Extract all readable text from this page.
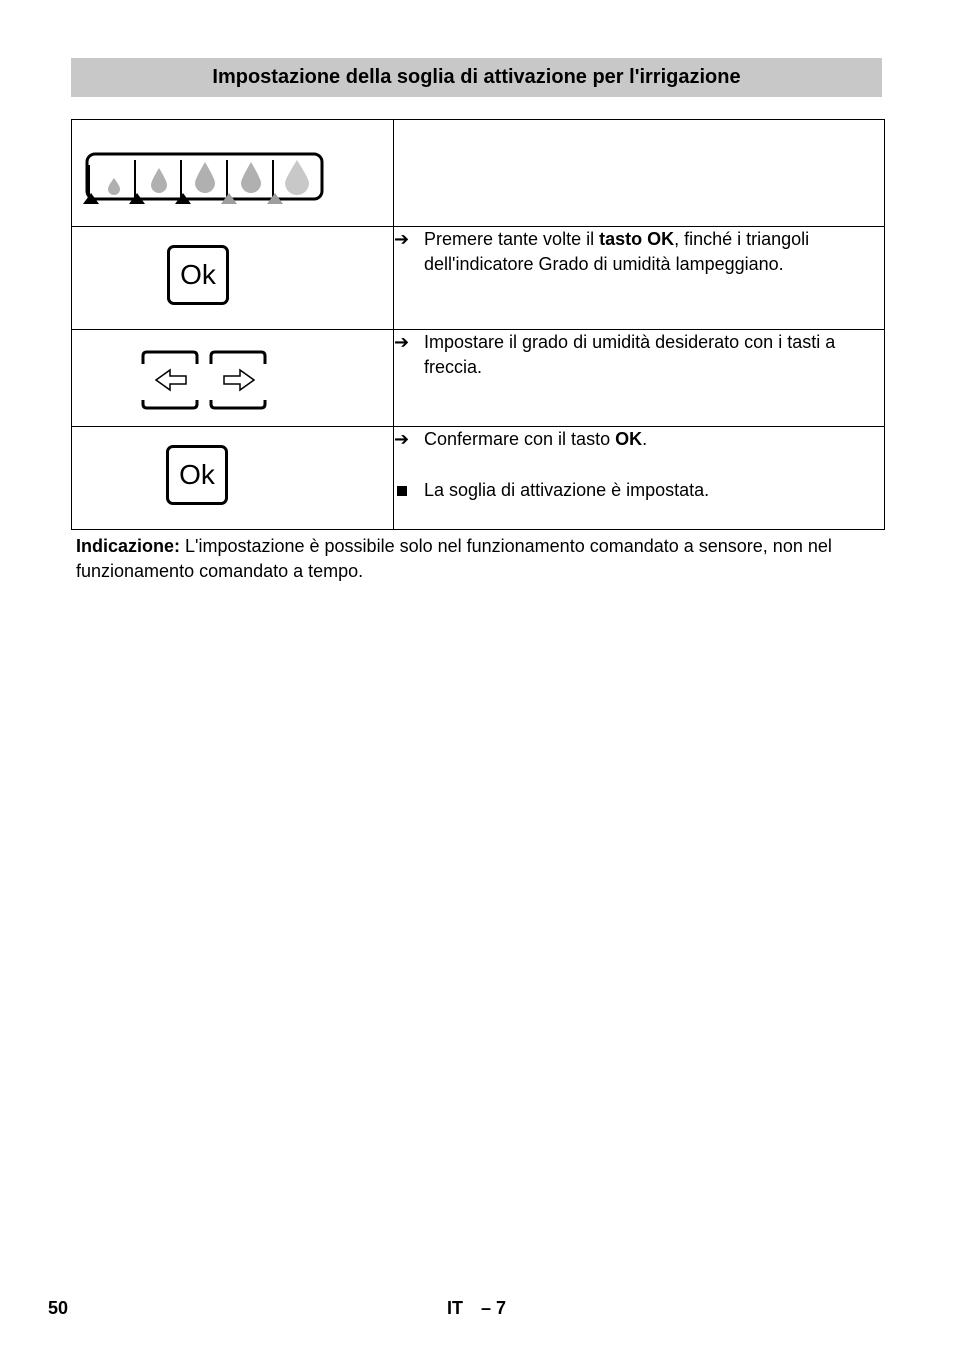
Impostazione della soglia di attivazione per l'irrigazione

Ok	➔ Premere tante volte il tasto OK, finché i triangoli dell'indicatore Grado di umidità lampeggiano.

➔ Impostare il grado di umidità desiderato con i tasti a freccia.

Ok	➔ Confermare con il tasto OK.
La soglia di attivazione è impostata.
Indicazione: L'impostazione è possibile solo nel funzionamento comandato a sensore, non nel funzionamento comandato a tempo.
50	IT – 7
